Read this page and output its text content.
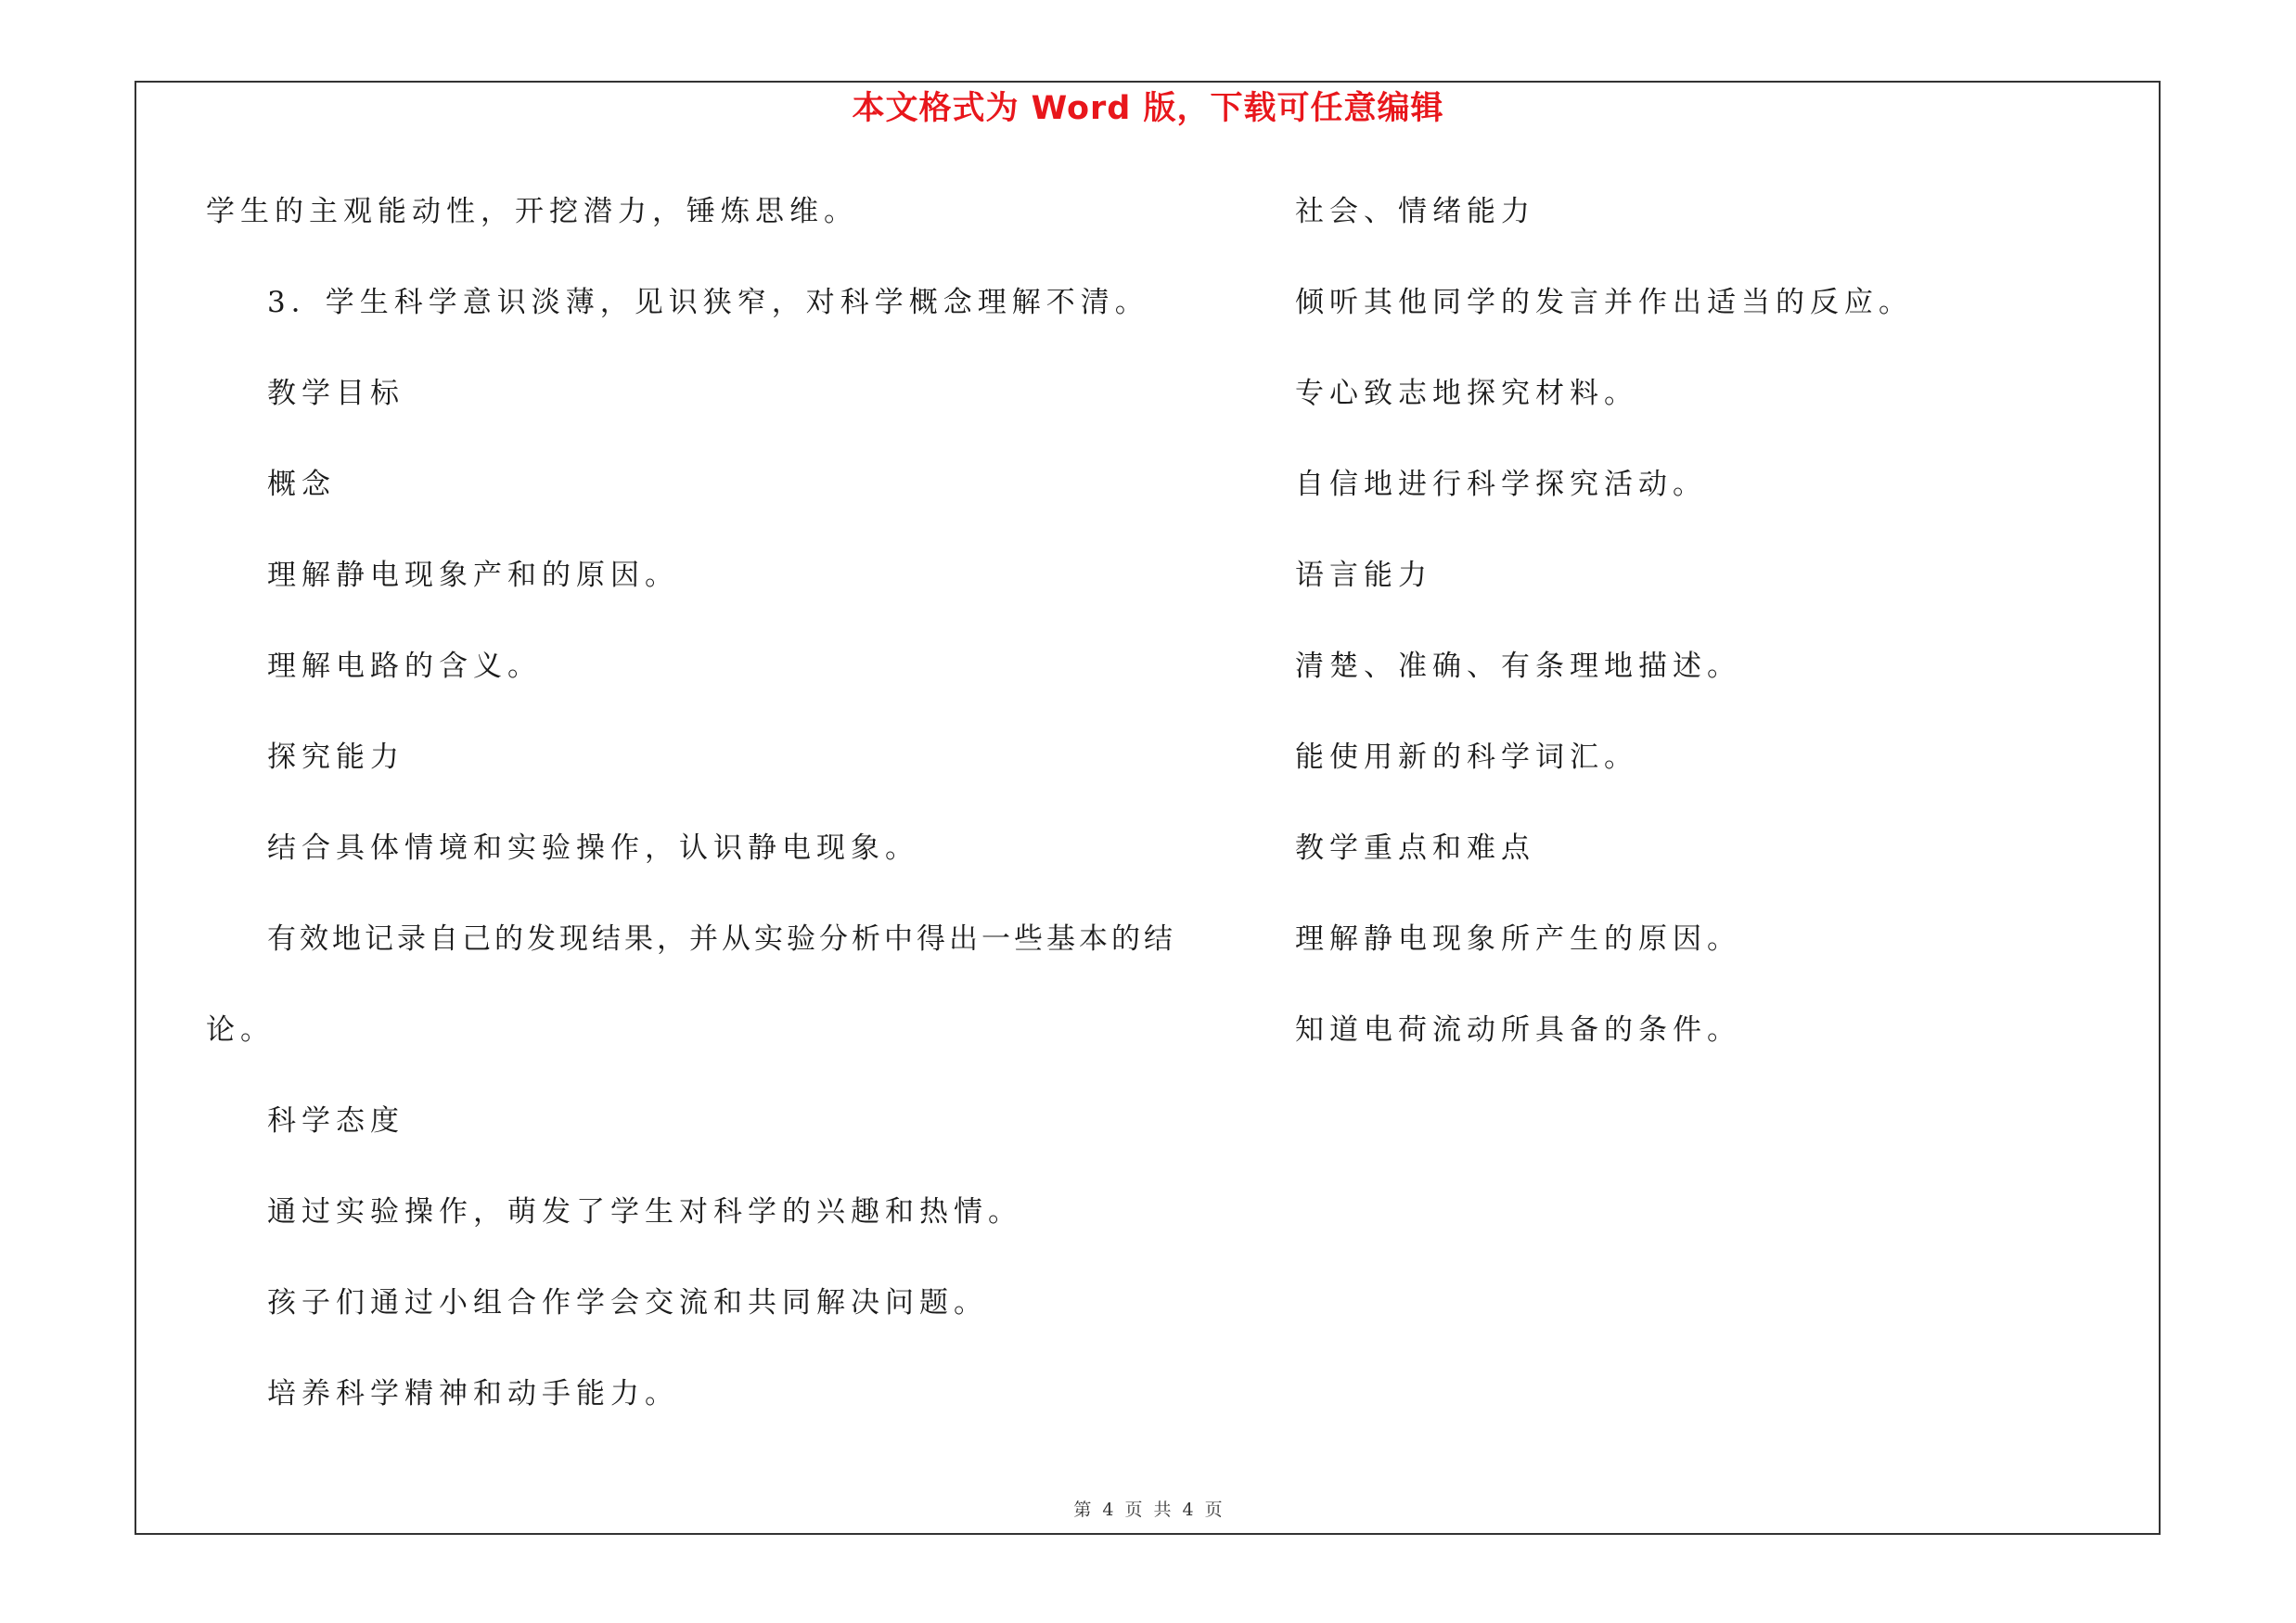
本文格式为 Word 版，下载可任意编辑
学生的主观能动性，开挖潜力，锤炼思维。
3．学生科学意识淡薄，见识狭窄，对科学概念理解不清。
教学目标
概念
理解静电现象产和的原因。
理解电路的含义。
探究能力
结合具体情境和实验操作，认识静电现象。
有效地记录自己的发现结果，并从实验分析中得出一些基本的结
论。
科学态度
通过实验操作，萌发了学生对科学的兴趣和热情。
孩子们通过小组合作学会交流和共同解决问题。
培养科学精神和动手能力。
社会、情绪能力
倾听其他同学的发言并作出适当的反应。
专心致志地探究材料。
自信地进行科学探究活动。
语言能力
清楚、准确、有条理地描述。
能使用新的科学词汇。
教学重点和难点
理解静电现象所产生的原因。
知道电荷流动所具备的条件。
第 4 页 共 4 页
